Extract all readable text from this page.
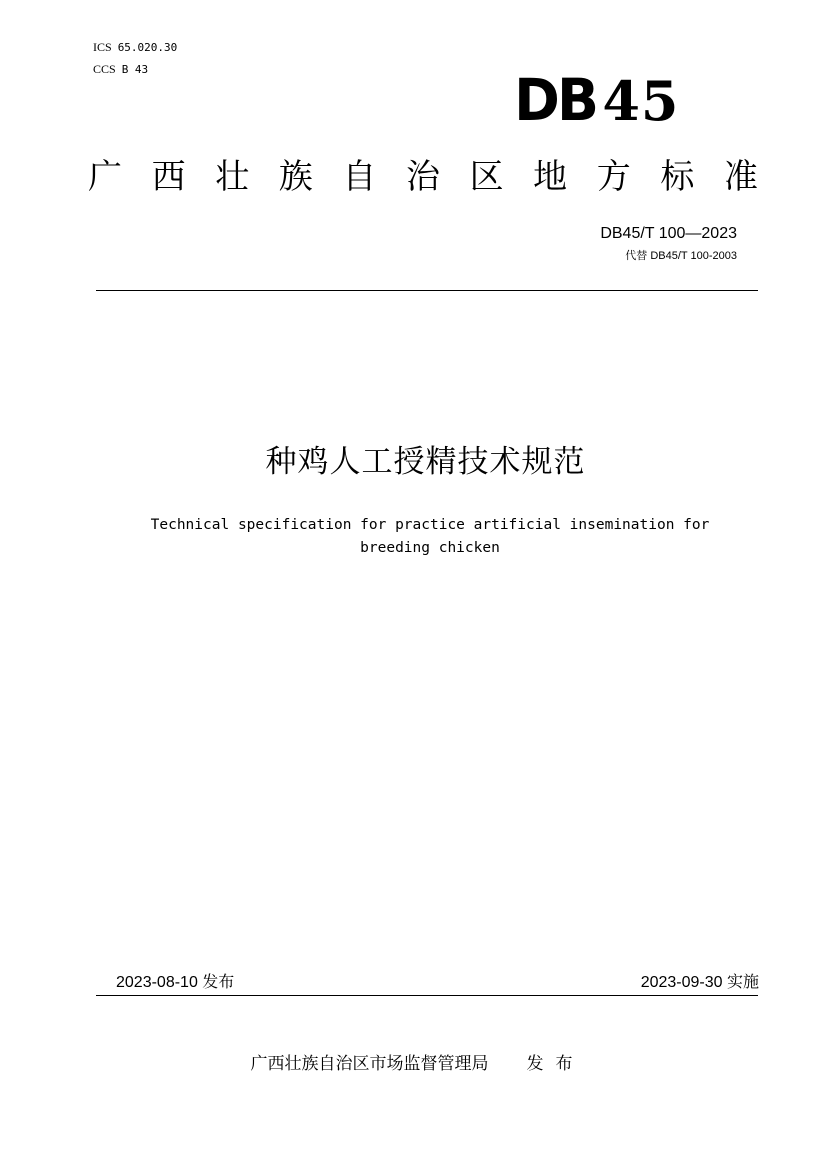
ICS 65.020.30
CCS B 43	DB 45
广 西 壮 族 自 治 区 地 方 标 准
DB45/T 100—2023
代替 DB45/T 100-2003
种鸡人工授精技术规范
Technical specification for practice artificial insemination for
breeding chicken
2023-08-10 发布	2023-09-30 实施
广西壮族自治区市场监督管理局 发布
